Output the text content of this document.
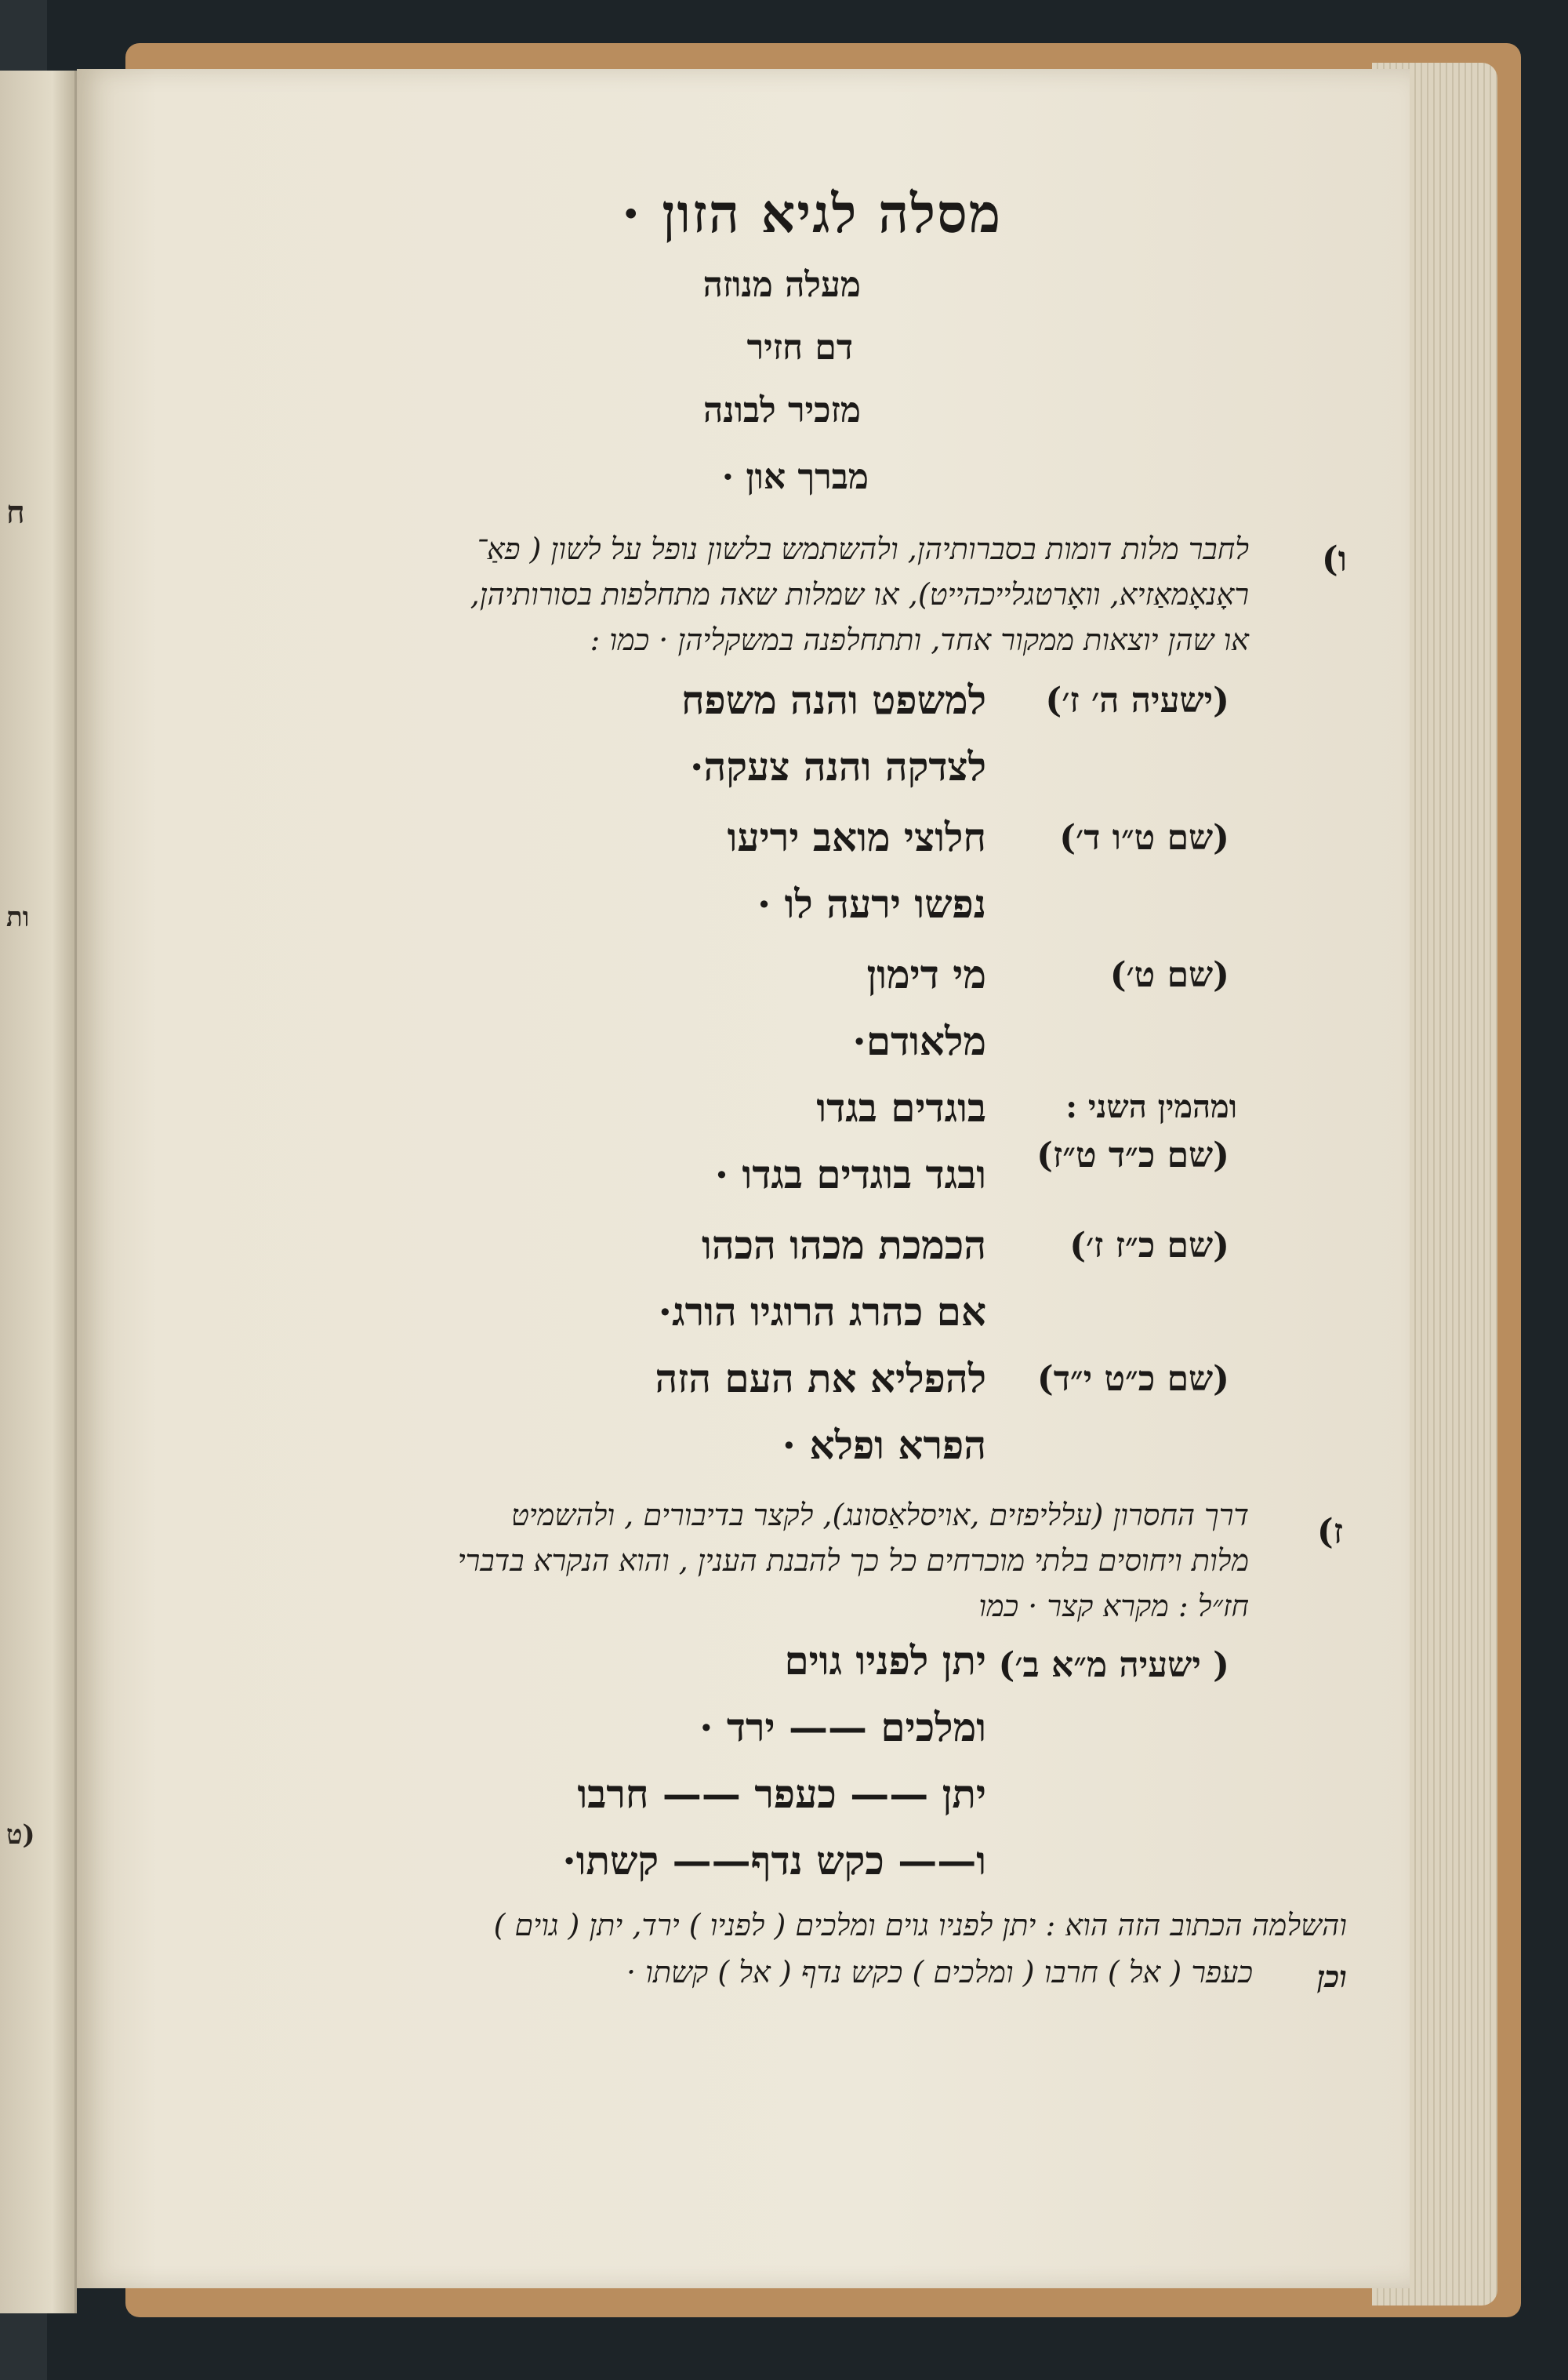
ח
ות
ט)
מסלה לגיא הזון ·
מעלה מנוזה
דם חזיר
מזכיר לבונה
מברך און ·
ו)
לחבר מלות דומות בסברותיהן, ולהשתמש בלשון נופל על לשון ( פאַ־
ראָנאָמאַזיא, וואָרטגלייכהייט), או שמלות שאה מתחלפות בסורותיהן,
או שהן יוצאות ממקור אחד, ותתחלפנה במשקליהן · כמו :
(ישעיה ה׳ ז׳)
למשפט והנה משפח
לצדקה והנה צעקה·
(שם ט״ו ד׳)
חלוצי מואב יריעו
נפשו ירעה לו ·
(שם ט׳)
מי דימון
מלאודם·
ומהמין השני :
(שם כ״ד ט״ז)
בוגדים בגדו
ובגד בוגדים בגדו ·
(שם כ״ז ז׳)
הכמכת מכהו הכהו
אם כהרג הרוגיו הורג·
(שם כ״ט י״ד)
להפליא את העם הזה
הפרא ופלא ·
ז)
דרך החסרון (עלליפזים ,אויסלאַסונג), לקצר בדיבורים , ולהשמיט
מלות ויחוסים בלתי מוכרחים כל כך להבנת הענין , והוא הנקרא בדברי
חז״ל : מקרא קצר · כמו
( ישעיה מ״א ב׳)
יתן לפניו גוים
ומלכים —— ירד ·
יתן —— כעפר —— חרבו
ו—— כקש נדף—— קשתו·
והשלמה הכתוב הזה הוא : יתן לפניו גוים ומלכים ( לפניו ) ירד, יתן ( גוים )
כעפר ( אל ) חרבו ( ומלכים ) כקש נדף ( אל ) קשתו · וכן
